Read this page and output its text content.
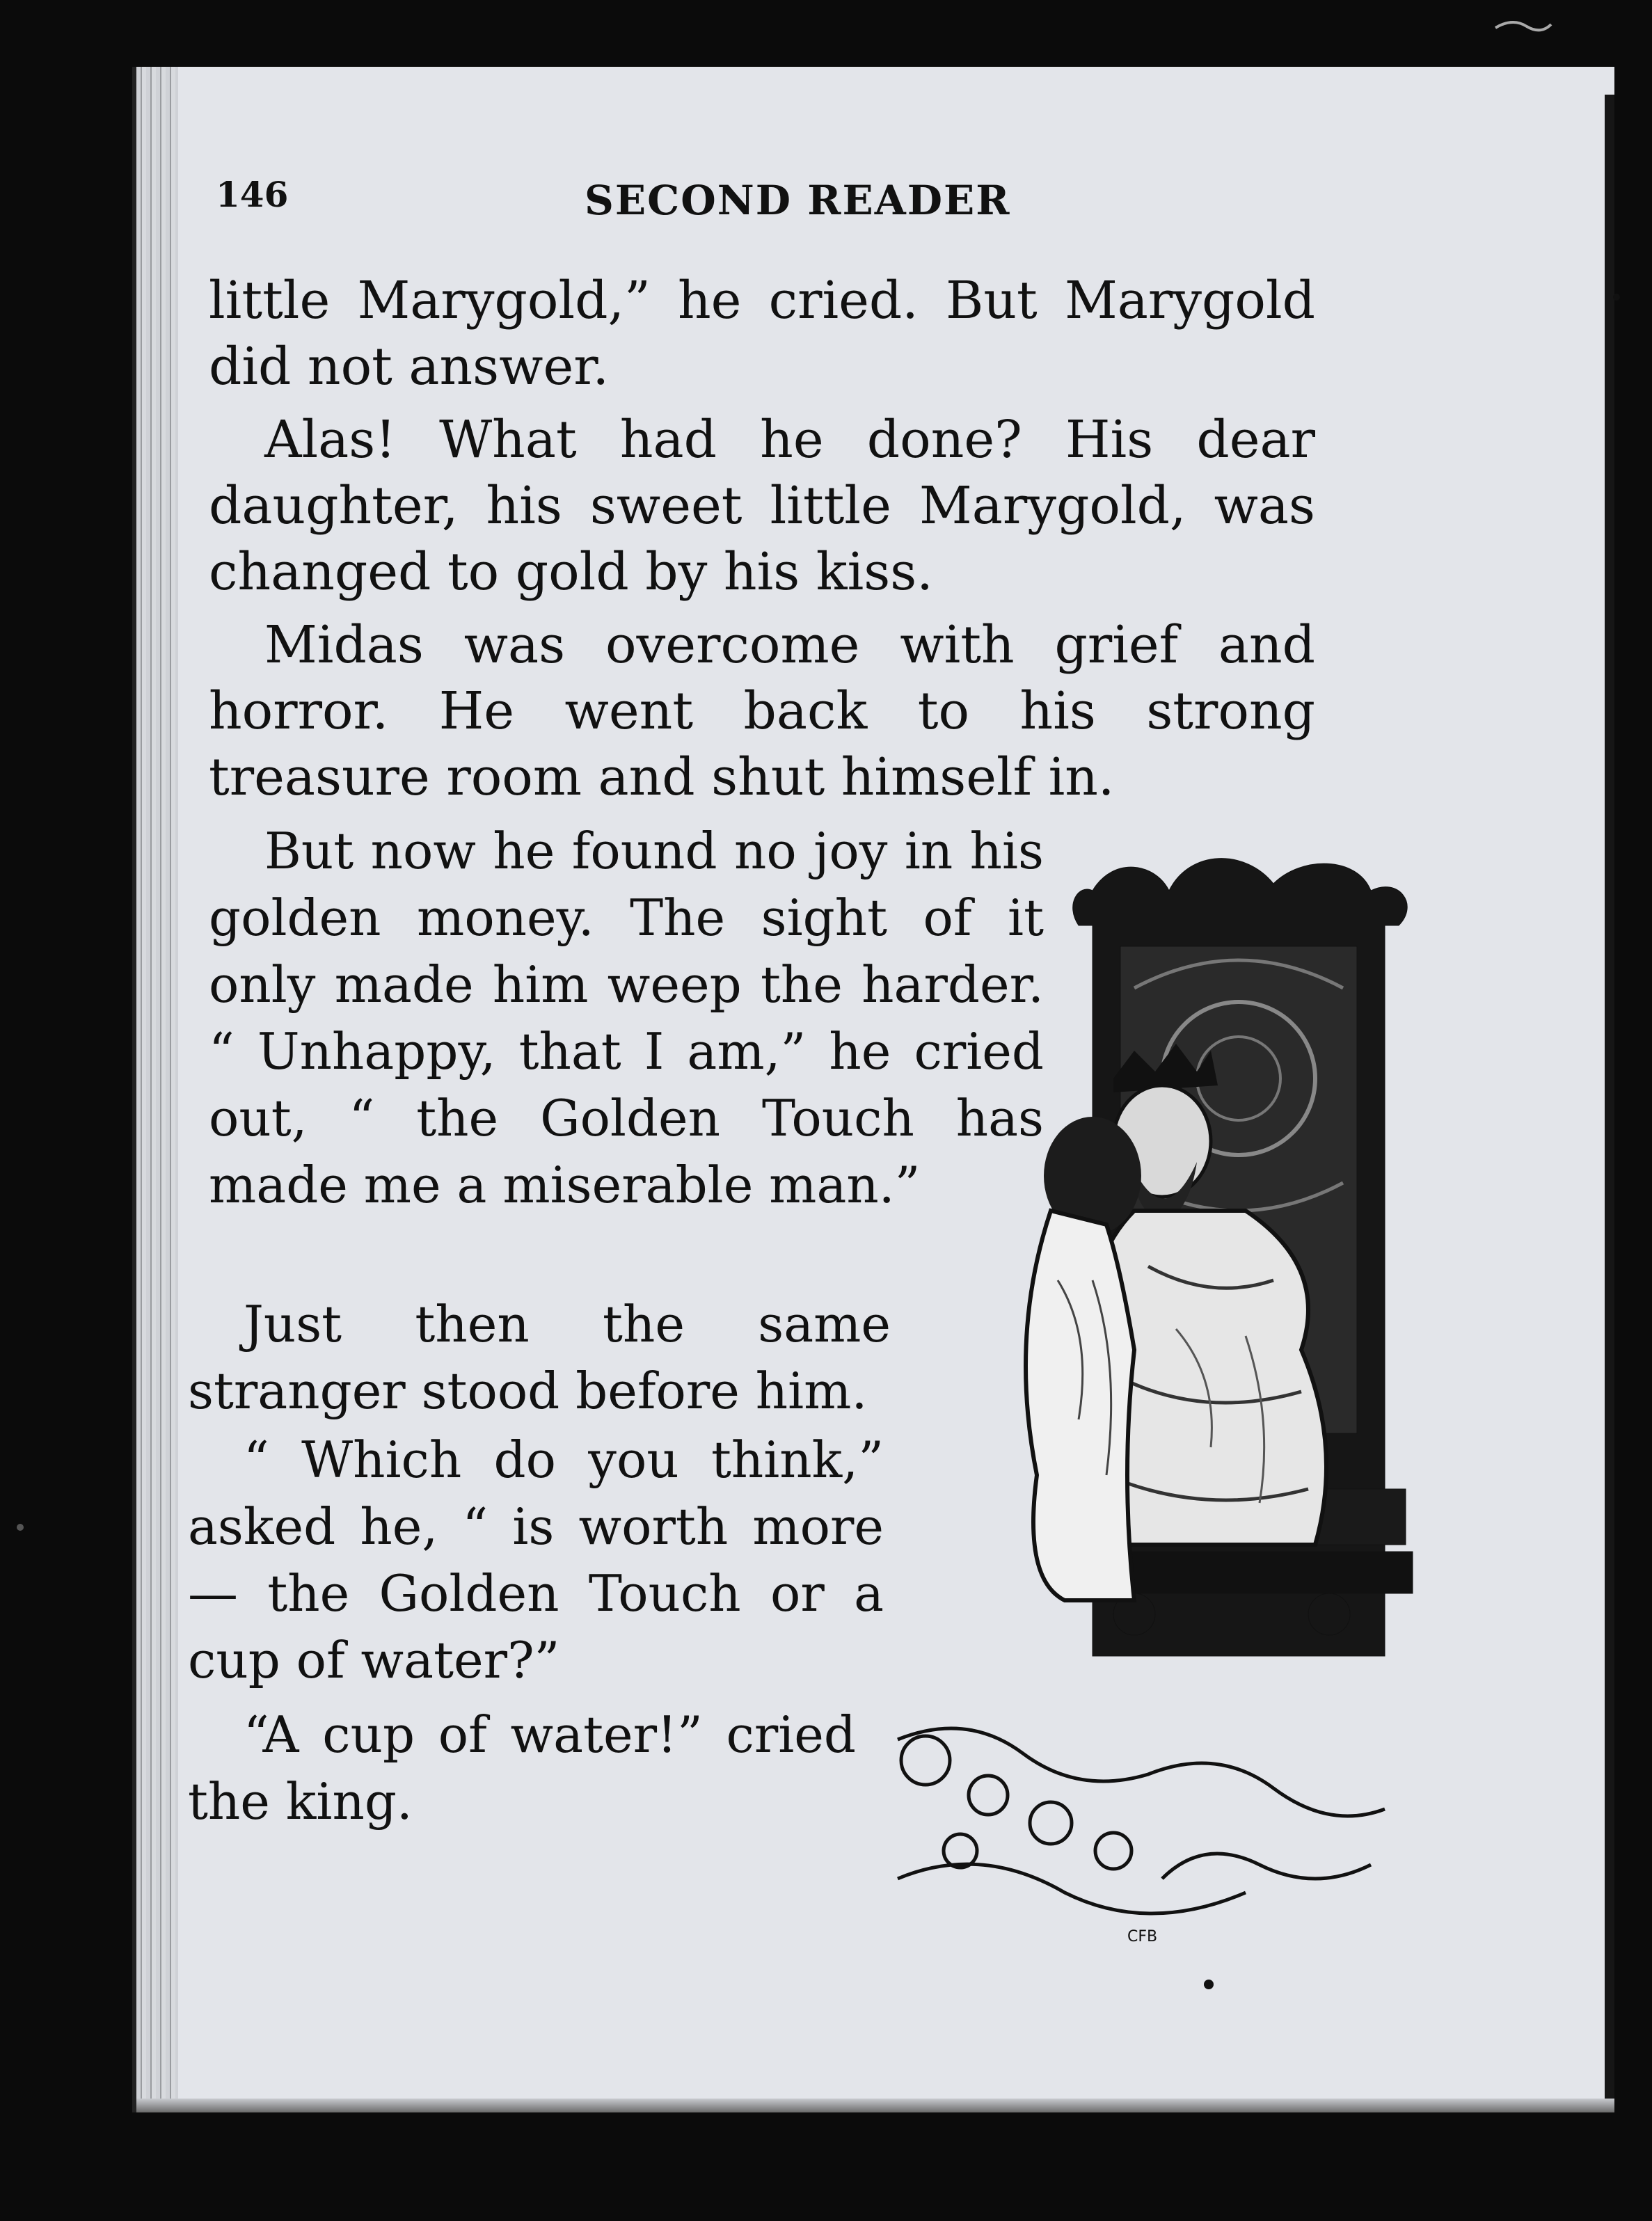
146	SECOND READER

little Marygold,” he cried. But Marygold did not answer.

Alas! What had he done? His dear daughter, his sweet little Marygold, was changed to gold by his kiss.

Midas was overcome with grief and horror. He went back to his strong treasure room and shut himself in.

But now he found no joy in his golden money. The sight of it only made him weep the harder. “ Unhappy, that I am,” he cried out, “ the Golden Touch has made me a miserable man.”

Just then the same stranger stood before him.

“ Which do you think,” asked he, “ is worth more — the Golden Touch or a cup of water?”

“A cup of water!” cried the king.

CFB
